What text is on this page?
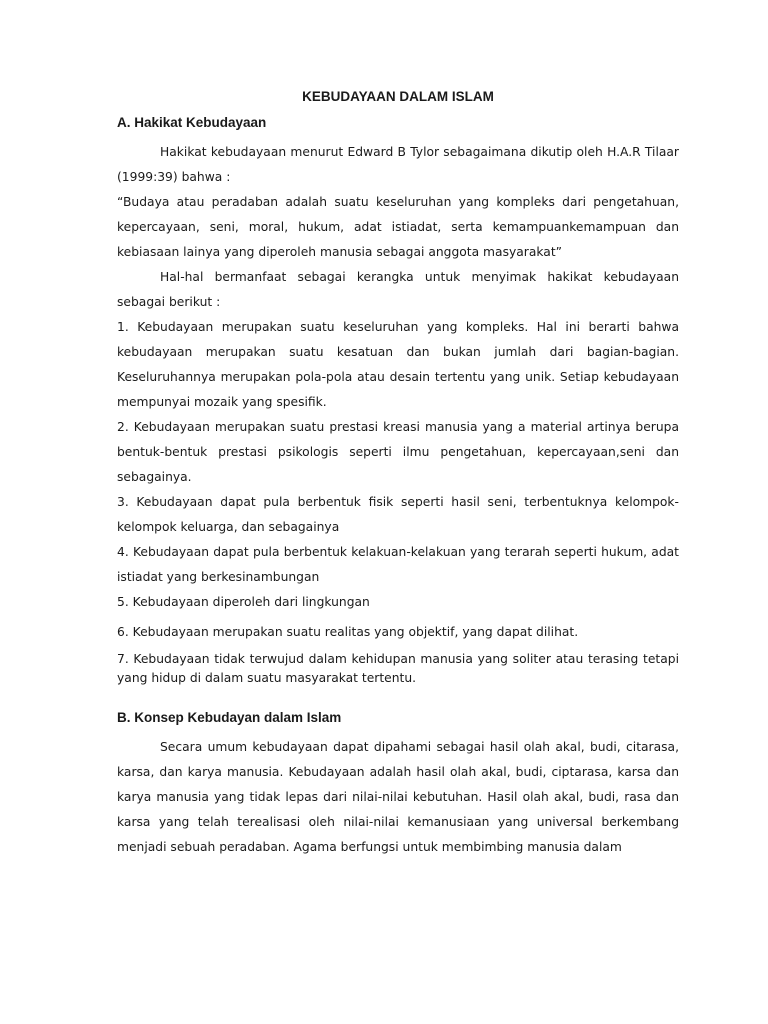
KEBUDAYAAN DALAM ISLAM
A. Hakikat Kebudayaan

Hakikat kebudayaan menurut Edward B Tylor sebagaimana dikutip oleh H.A.R Tilaar (1999:39) bahwa :

“Budaya atau peradaban adalah suatu keseluruhan yang kompleks dari pengetahuan, kepercayaan, seni, moral, hukum, adat istiadat, serta kemampuankemampuan dan kebiasaan lainya yang diperoleh manusia sebagai anggota masyarakat”

Hal-hal bermanfaat sebagai kerangka untuk menyimak hakikat kebudayaan sebagai berikut :

1. Kebudayaan merupakan suatu keseluruhan yang kompleks. Hal ini berarti bahwa kebudayaan merupakan suatu kesatuan dan bukan jumlah dari bagian-bagian. Keseluruhannya merupakan pola-pola atau desain tertentu yang unik. Setiap kebudayaan mempunyai mozaik yang spesifik.

2. Kebudayaan merupakan suatu prestasi kreasi manusia yang a material artinya berupa bentuk-bentuk prestasi psikologis seperti ilmu pengetahuan, kepercayaan,seni dan sebagainya.

3. Kebudayaan dapat pula berbentuk fisik seperti hasil seni, terbentuknya kelompok-kelompok keluarga, dan sebagainya

4. Kebudayaan dapat pula berbentuk kelakuan-kelakuan yang terarah seperti hukum, adat istiadat yang berkesinambungan

5. Kebudayaan diperoleh dari lingkungan

6. Kebudayaan merupakan suatu realitas yang objektif, yang dapat dilihat.

7. Kebudayaan tidak terwujud dalam kehidupan manusia yang soliter atau terasing tetapi yang hidup di dalam suatu masyarakat tertentu.

B. Konsep Kebudayan dalam Islam

Secara umum kebudayaan dapat dipahami sebagai hasil olah akal, budi, citarasa, karsa, dan karya manusia. Kebudayaan adalah hasil olah akal, budi, ciptarasa, karsa dan karya manusia yang tidak lepas dari nilai-nilai kebutuhan. Hasil olah akal, budi, rasa dan karsa yang telah terealisasi oleh nilai-nilai kemanusiaan yang universal berkembang menjadi sebuah peradaban. Agama berfungsi untuk membimbing manusia dalam
